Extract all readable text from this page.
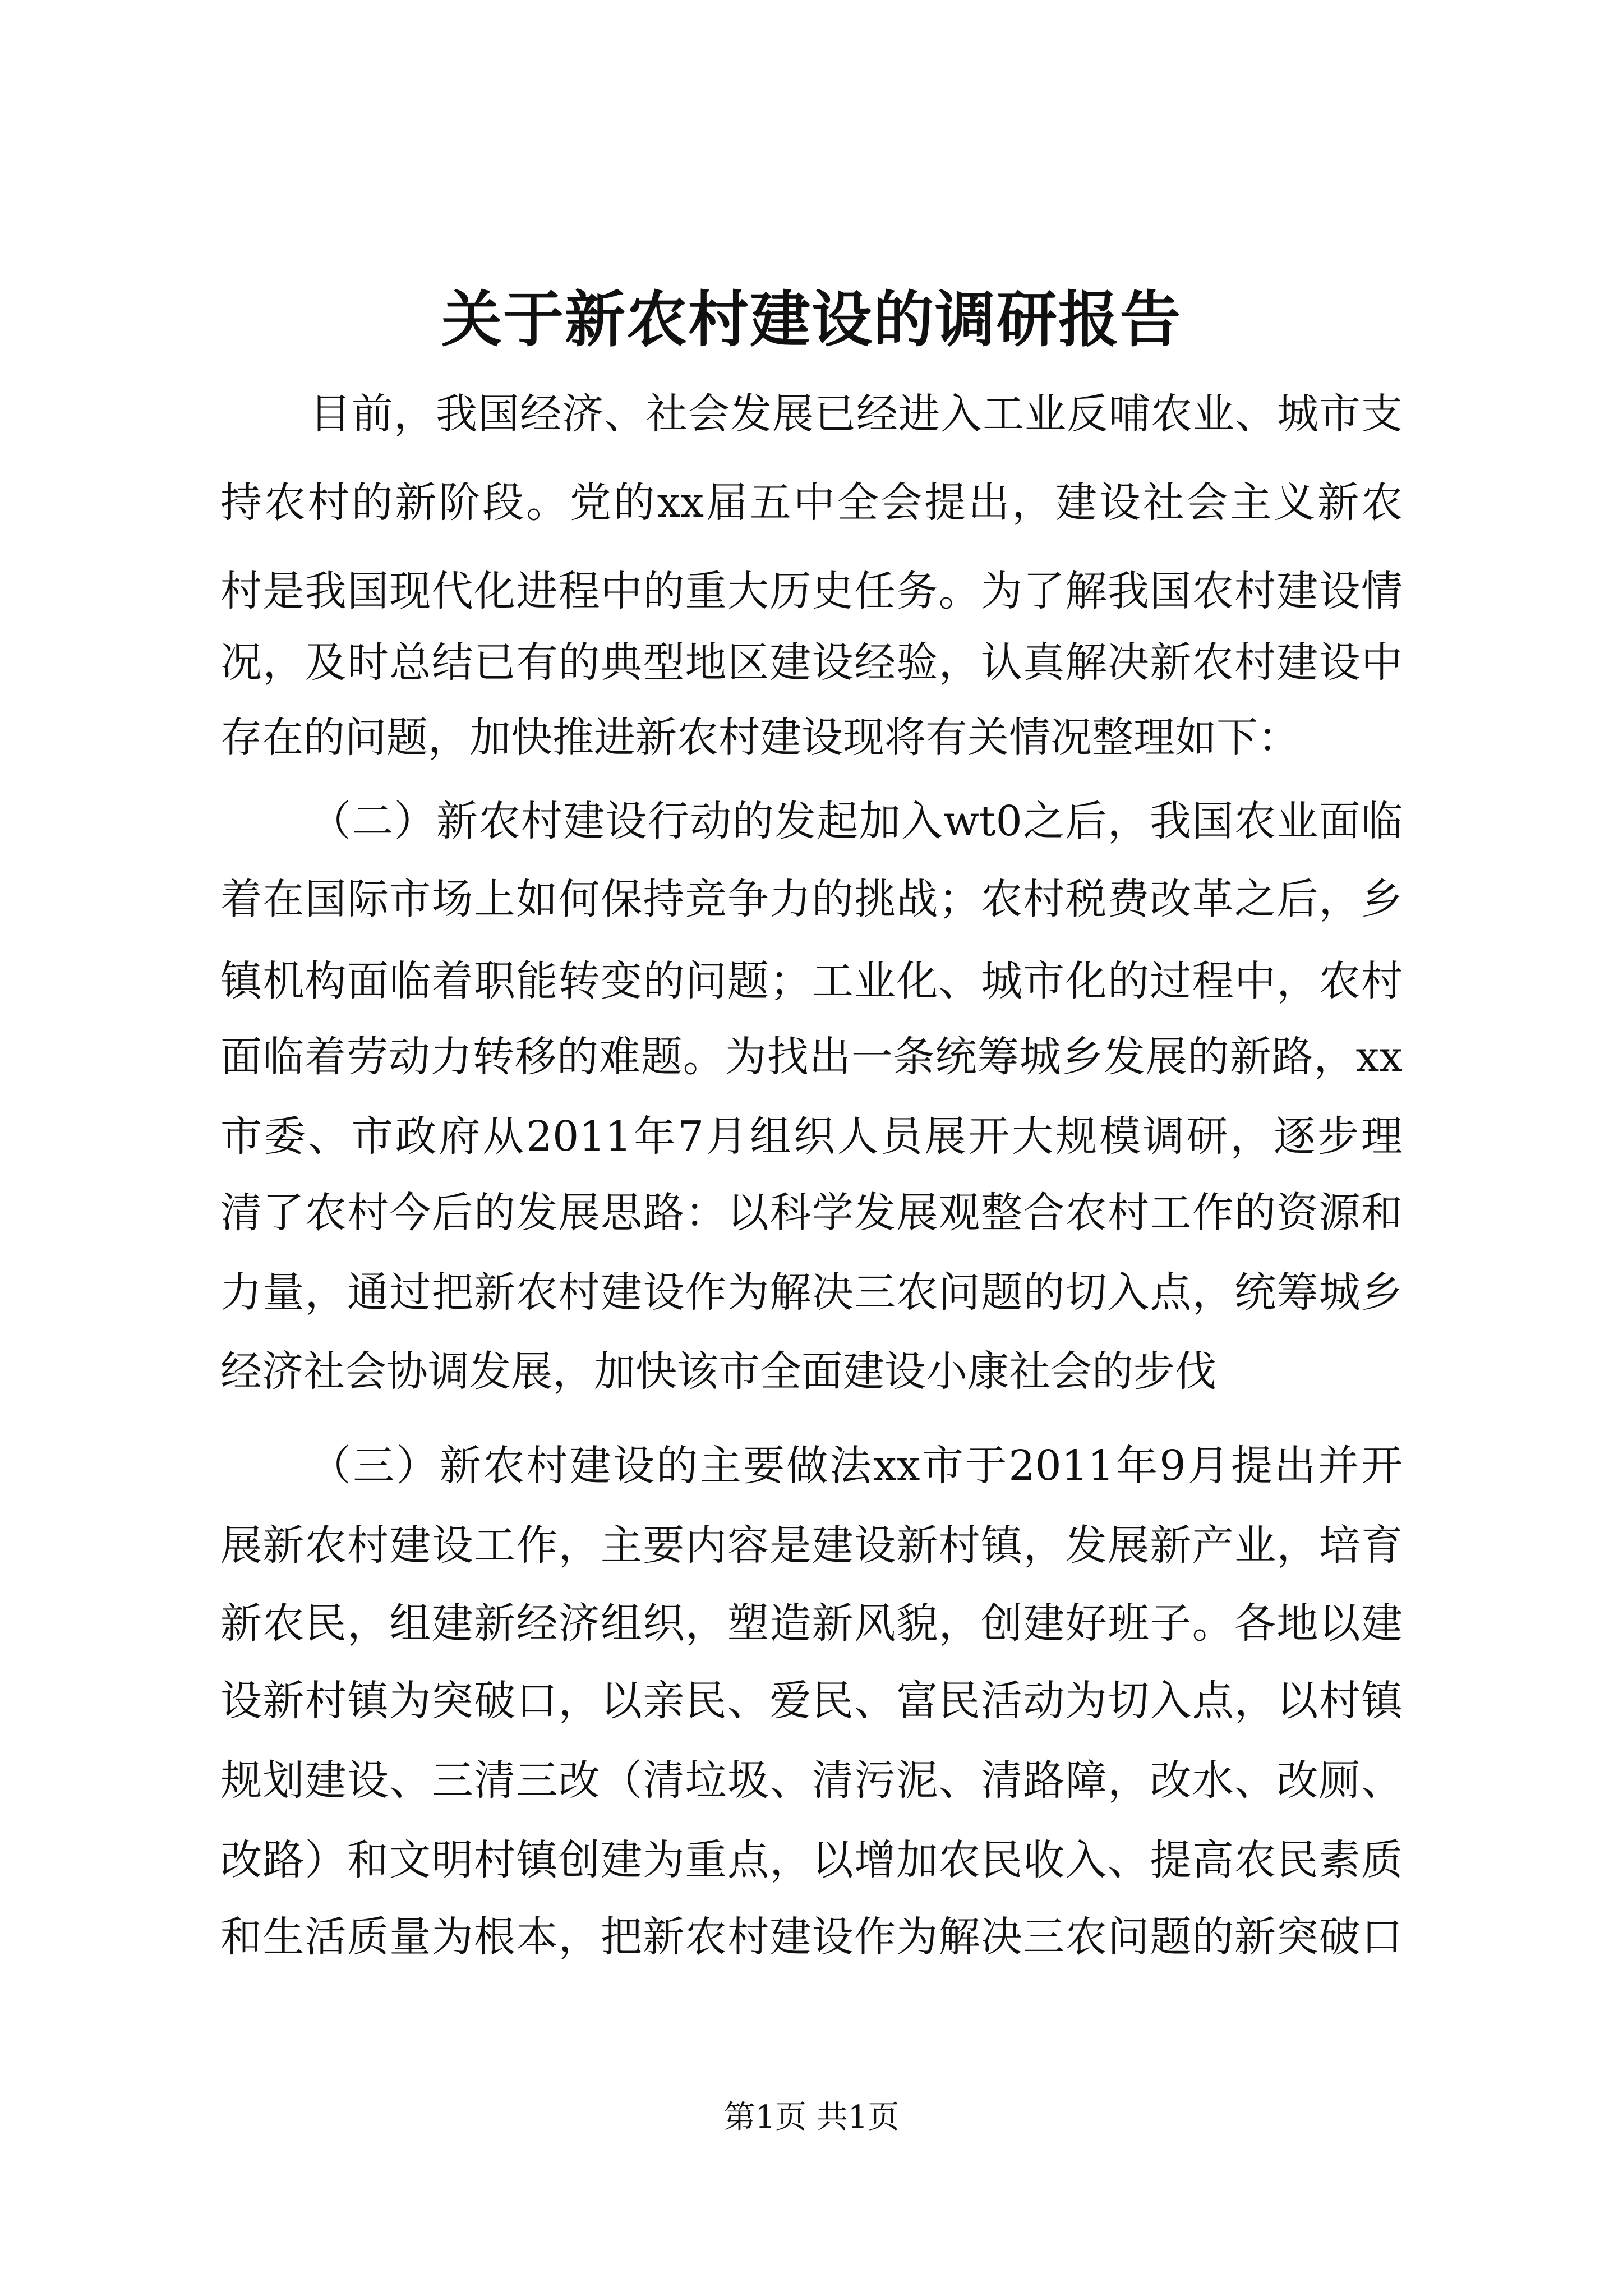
关于新农村建设的调研报告

目前，我国经济、社会发展已经进入工业反哺农业、城市支

持农村的新阶段。党的xx届五中全会提出，建设社会主义新农

村是我国现代化进程中的重大历史任务。为了解我国农村建设情

况，及时总结已有的典型地区建设经验，认真解决新农村建设中

存在的问题，加快推进新农村建设现将有关情况整理如下：

（二）新农村建设行动的发起加入wt0之后，我国农业面临

着在国际市场上如何保持竞争力的挑战；农村税费改革之后，乡

镇机构面临着职能转变的问题；工业化、城市化的过程中，农村

面临着劳动力转移的难题。为找出一条统筹城乡发展的新路，xx

市委、市政府从2011年7月组织人员展开大规模调研，逐步理

清了农村今后的发展思路：以科学发展观整合农村工作的资源和

力量，通过把新农村建设作为解决三农问题的切入点，统筹城乡

经济社会协调发展，加快该市全面建设小康社会的步伐

（三）新农村建设的主要做法xx市于2011年9月提出并开

展新农村建设工作，主要内容是建设新村镇，发展新产业，培育

新农民，组建新经济组织，塑造新风貌，创建好班子。各地以建

设新村镇为突破口，以亲民、爱民、富民活动为切入点，以村镇

规划建设、三清三改（清垃圾、清污泥、清路障，改水、改厕、

改路）和文明村镇创建为重点，以增加农民收入、提高农民素质

和生活质量为根本，把新农村建设作为解决三农问题的新突破口

第1页 共1页
